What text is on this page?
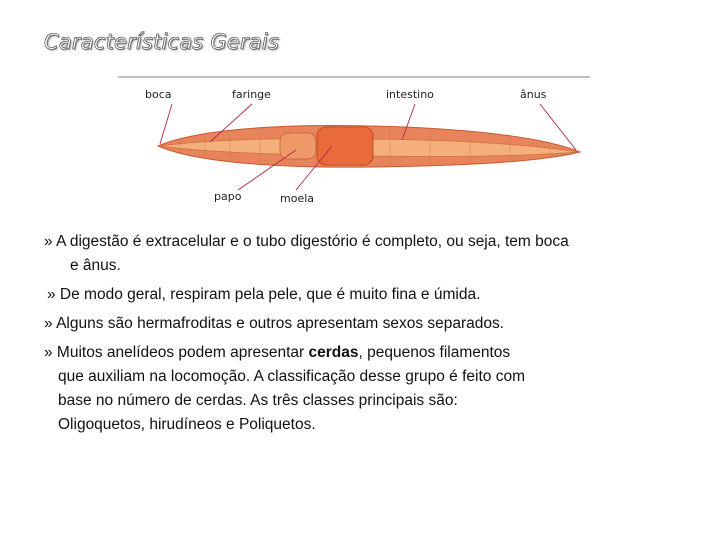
Características Gerais
boca	faringe	intestino	ânus
papo	moela

» A digestão é extracelular e o tubo digestório é completo, ou seja, tem boca
e ânus.

» De modo geral, respiram pela pele, que é muito fina e úmida.

» Alguns são hermafroditas e outros apresentam sexos separados.

» Muitos anelídeos podem apresentar cerdas, pequenos filamentos
que auxiliam na locomoção. A classificação desse grupo é feito com
base no número de cerdas. As três classes principais são:
Oligoquetos, hirudíneos e Poliquetos.
